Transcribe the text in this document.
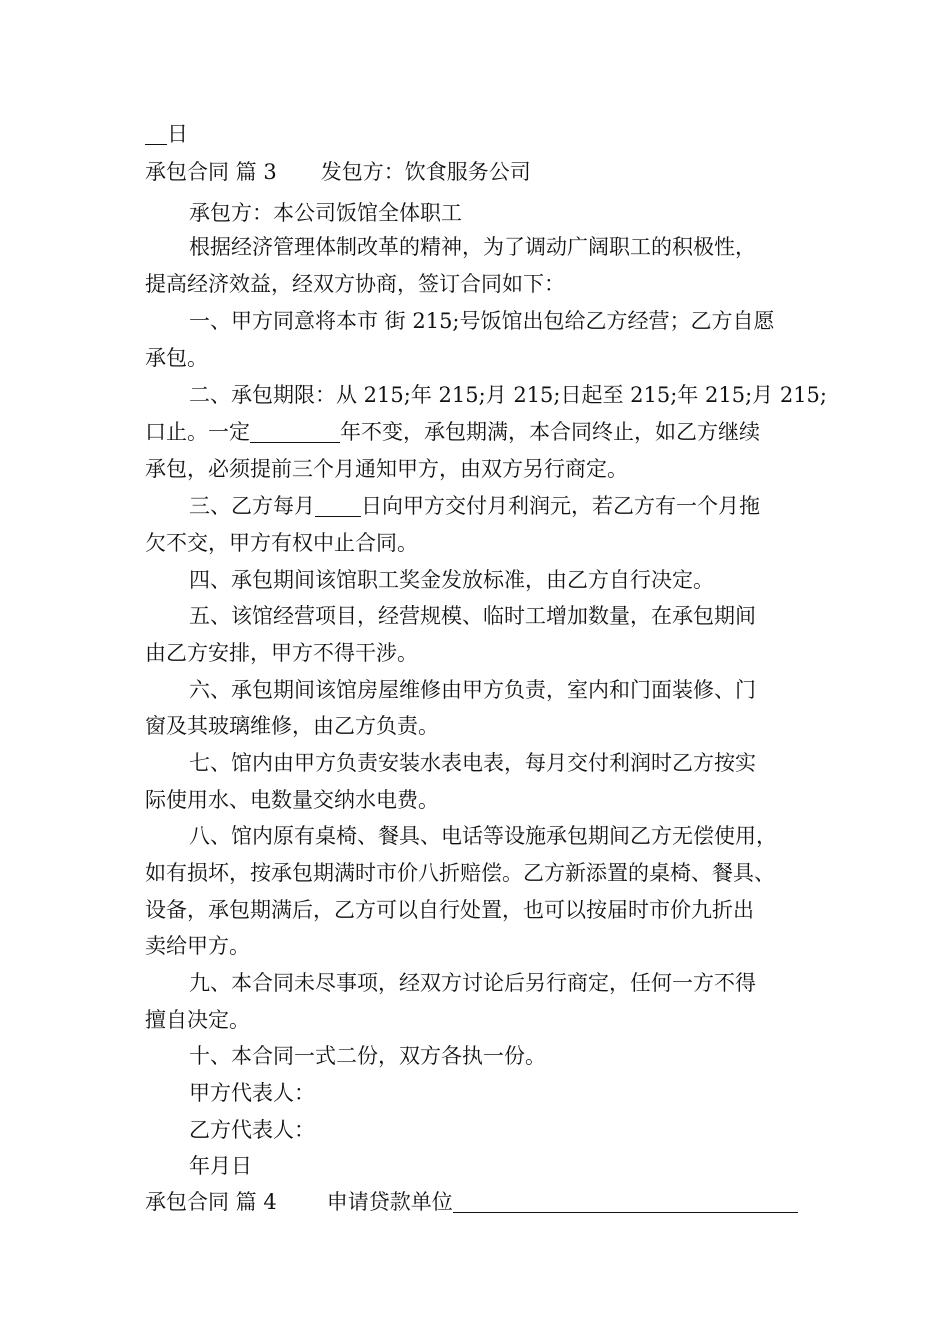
日
承包合同 篇 3 发包方：饮食服务公司
承包方：本公司饭馆全体职工
根据经济管理体制改革的精神，为了调动广阔职工的积极性，
提高经济效益，经双方协商，签订合同如下：
一、甲方同意将本市 街 215;号饭馆出包给乙方经营；乙方自愿
承包。
二、承包期限：从 215;年 215;月 215;日起至 215;年 215;月 215;
口止。一定	年不变，承包期满，本合同终止，如乙方继续
承包，必须提前三个月通知甲方，由双方另行商定。
三、乙方每月 日向甲方交付月利润元，若乙方有一个月拖
欠不交，甲方有权中止合同。
四、承包期间该馆职工奖金发放标准，由乙方自行决定。
五、该馆经营项目，经营规模、临时工增加数量，在承包期间
由乙方安排，甲方不得干涉。
六、承包期间该馆房屋维修由甲方负责，室内和门面装修、门
窗及其玻璃维修，由乙方负责。
七、馆内由甲方负责安装水表电表，每月交付利润时乙方按实
际使用水、电数量交纳水电费。
八、馆内原有桌椅、餐具、电话等设施承包期间乙方无偿使用，
如有损坏，按承包期满时市价八折赔偿。乙方新添置的桌椅、餐具、
设备，承包期满后，乙方可以自行处置，也可以按届时市价九折出
卖给甲方。
九、本合同未尽事项，经双方讨论后另行商定，任何一方不得
擅自决定。
十、本合同一式二份，双方各执一份。
甲方代表人：
乙方代表人：
年月日
承包合同 篇 4 申请贷款单位
